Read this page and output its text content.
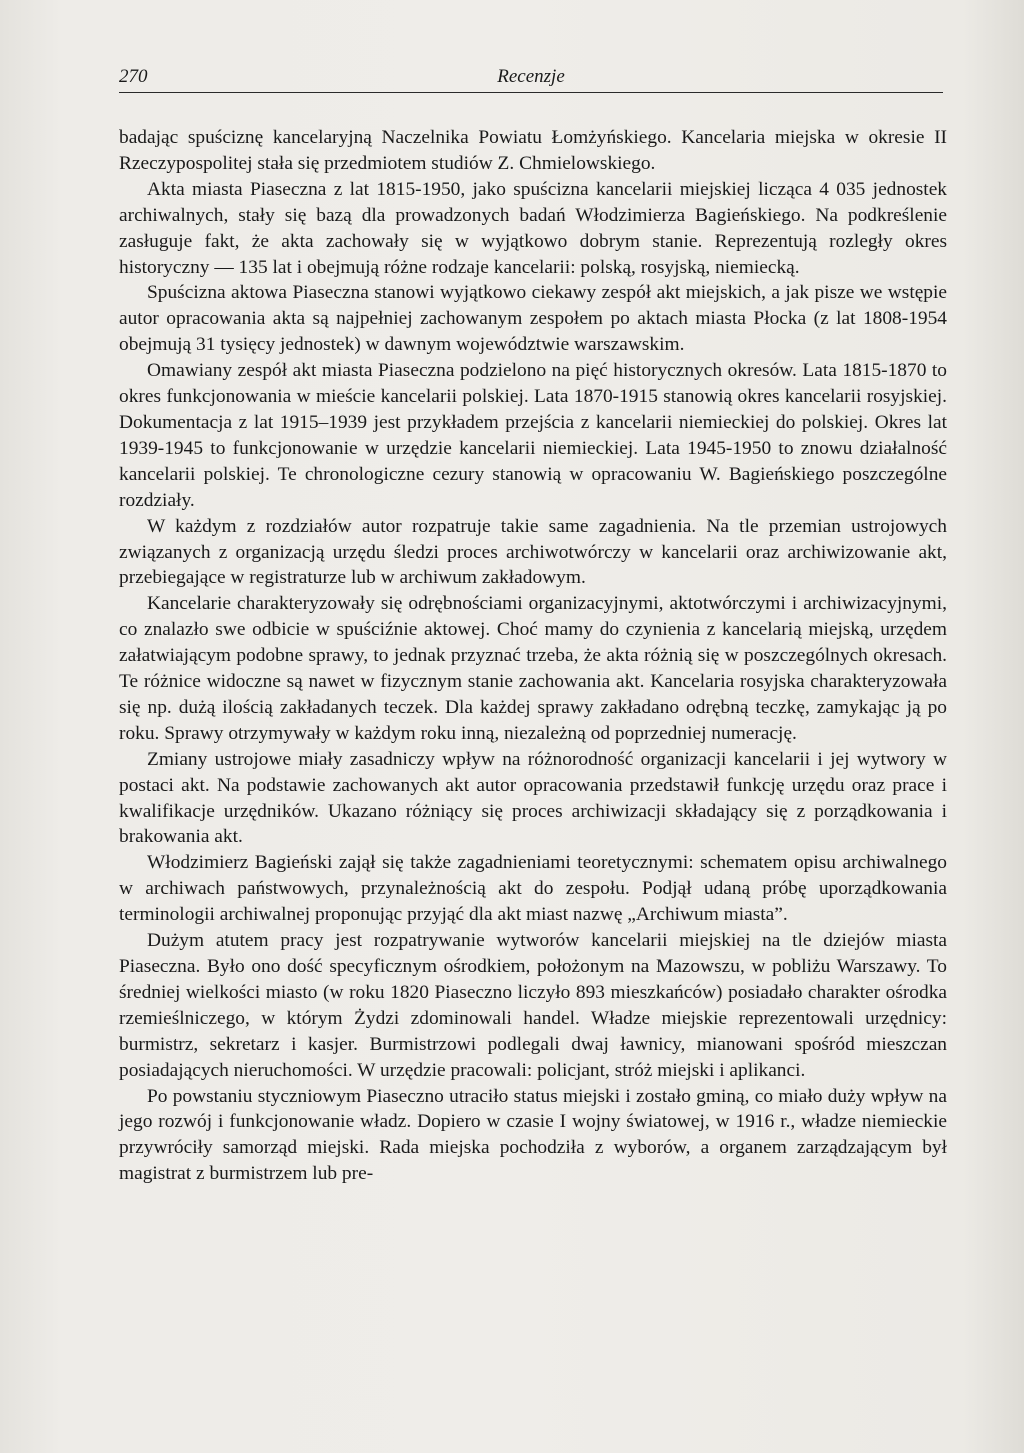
270	Recenzje

badając spuściznę kancelaryjną Naczelnika Powiatu Łomżyńskiego. Kancelaria miejska w okresie II Rzeczypospolitej stała się przedmiotem studiów Z. Chmielowskiego.

Akta miasta Piaseczna z lat 1815-1950, jako spuścizna kancelarii miejskiej licząca 4 035 jednostek archiwalnych, stały się bazą dla prowadzonych badań Włodzimierza Bagieńskiego. Na podkreślenie zasługuje fakt, że akta zachowały się w wyjątkowo dobrym stanie. Reprezentują rozległy okres historyczny — 135 lat i obejmują różne rodzaje kancelarii: polską, rosyjską, niemiecką.

Spuścizna aktowa Piaseczna stanowi wyjątkowo ciekawy zespół akt miejskich, a jak pisze we wstępie autor opracowania akta są najpełniej zachowanym zespołem po aktach miasta Płocka (z lat 1808-1954 obejmują 31 tysięcy jednostek) w dawnym województwie warszawskim.

Omawiany zespół akt miasta Piaseczna podzielono na pięć historycznych okresów. Lata 1815-1870 to okres funkcjonowania w mieście kancelarii polskiej. Lata 1870-1915 stanowią okres kancelarii rosyjskiej. Dokumentacja z lat 1915–1939 jest przykładem przejścia z kancelarii niemieckiej do polskiej. Okres lat 1939-1945 to funkcjonowanie w urzędzie kancelarii niemieckiej. Lata 1945-1950 to znowu działalność kancelarii polskiej. Te chronologiczne cezury stanowią w opracowaniu W. Bagieńskiego poszczególne rozdziały.

W każdym z rozdziałów autor rozpatruje takie same zagadnienia. Na tle przemian ustrojowych związanych z organizacją urzędu śledzi proces archiwotwórczy w kancelarii oraz archiwizowanie akt, przebiegające w registraturze lub w archiwum zakładowym.

Kancelarie charakteryzowały się odrębnościami organizacyjnymi, aktotwórczymi i archiwizacyjnymi, co znalazło swe odbicie w spuściźnie aktowej. Choć mamy do czynienia z kancelarią miejską, urzędem załatwiającym podobne sprawy, to jednak przyznać trzeba, że akta różnią się w poszczególnych okresach. Te różnice widoczne są nawet w fizycznym stanie zachowania akt. Kancelaria rosyjska charakteryzowała się np. dużą ilością zakładanych teczek. Dla każdej sprawy zakładano odrębną teczkę, zamykając ją po roku. Sprawy otrzymywały w każdym roku inną, niezależną od poprzedniej numerację.

Zmiany ustrojowe miały zasadniczy wpływ na różnorodność organizacji kancelarii i jej wytwory w postaci akt. Na podstawie zachowanych akt autor opracowania przedstawił funkcję urzędu oraz prace i kwalifikacje urzędników. Ukazano różniący się proces archiwizacji składający się z porządkowania i brakowania akt.

Włodzimierz Bagieński zajął się także zagadnieniami teoretycznymi: schematem opisu archiwalnego w archiwach państwowych, przynależnością akt do zespołu. Podjął udaną próbę uporządkowania terminologii archiwalnej proponując przyjąć dla akt miast nazwę „Archiwum miasta”.

Dużym atutem pracy jest rozpatrywanie wytworów kancelarii miejskiej na tle dziejów miasta Piaseczna. Było ono dość specyficznym ośrodkiem, położonym na Mazowszu, w pobliżu Warszawy. To średniej wielkości miasto (w roku 1820 Piaseczno liczyło 893 mieszkańców) posiadało charakter ośrodka rzemieślniczego, w którym Żydzi zdominowali handel. Władze miejskie reprezentowali urzędnicy: burmistrz, sekretarz i kasjer. Burmistrzowi podlegali dwaj ławnicy, mianowani spośród mieszczan posiadających nieruchomości. W urzędzie pracowali: policjant, stróż miejski i aplikanci.

Po powstaniu styczniowym Piaseczno utraciło status miejski i zostało gminą, co miało duży wpływ na jego rozwój i funkcjonowanie władz. Dopiero w czasie I wojny światowej, w 1916 r., władze niemieckie przywróciły samorząd miejski. Rada miejska pochodziła z wyborów, a organem zarządzającym był magistrat z burmistrzem lub pre-
